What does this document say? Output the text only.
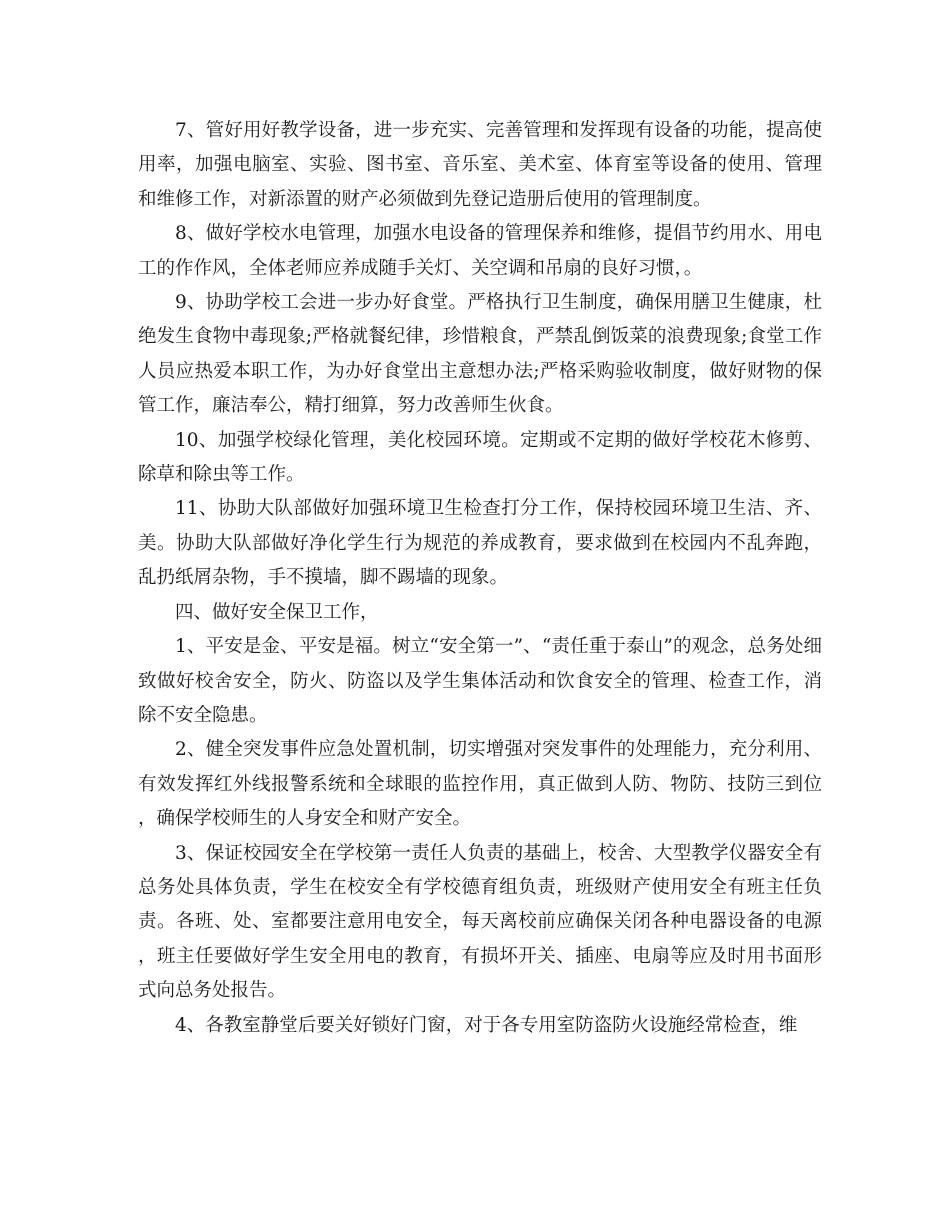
7、管好用好教学设备，进一步充实、完善管理和发挥现有设备的功能，提高使用率，加强电脑室、实验、图书室、音乐室、美术室、体育室等设备的使用、管理和维修工作，对新添置的财产必须做到先登记造册后使用的管理制度。

8、做好学校水电管理，加强水电设备的管理保养和维修，提倡节约用水、用电工的作作风，全体老师应养成随手关灯、关空调和吊扇的良好习惯，。

9、协助学校工会进一步办好食堂。严格执行卫生制度，确保用膳卫生健康，杜绝发生食物中毒现象;严格就餐纪律，珍惜粮食，严禁乱倒饭菜的浪费现象;食堂工作人员应热爱本职工作，为办好食堂出主意想办法;严格采购验收制度，做好财物的保管工作，廉洁奉公，精打细算，努力改善师生伙食。

10、加强学校绿化管理，美化校园环境。定期或不定期的做好学校花木修剪、除草和除虫等工作。

11、协助大队部做好加强环境卫生检查打分工作，保持校园环境卫生洁、齐、美。协助大队部做好净化学生行为规范的养成教育，要求做到在校园内不乱奔跑，乱扔纸屑杂物，手不摸墙，脚不踢墙的现象。

四、做好安全保卫工作，

1、平安是金、平安是福。树立“安全第一”、“责任重于泰山”的观念，总务处细致做好校舍安全，防火、防盗以及学生集体活动和饮食安全的管理、检查工作，消除不安全隐患。

2、健全突发事件应急处置机制，切实增强对突发事件的处理能力，充分利用、有效发挥红外线报警系统和全球眼的监控作用，真正做到人防、物防、技防三到位，确保学校师生的人身安全和财产安全。

3、保证校园安全在学校第一责任人负责的基础上，校舍、大型教学仪器安全有总务处具体负责，学生在校安全有学校德育组负责，班级财产使用安全有班主任负责。各班、处、室都要注意用电安全，每天离校前应确保关闭各种电器设备的电源，班主任要做好学生安全用电的教育，有损坏开关、插座、电扇等应及时用书面形式向总务处报告。

4、各教室静堂后要关好锁好门窗，对于各专用室防盗防火设施经常检查，维
